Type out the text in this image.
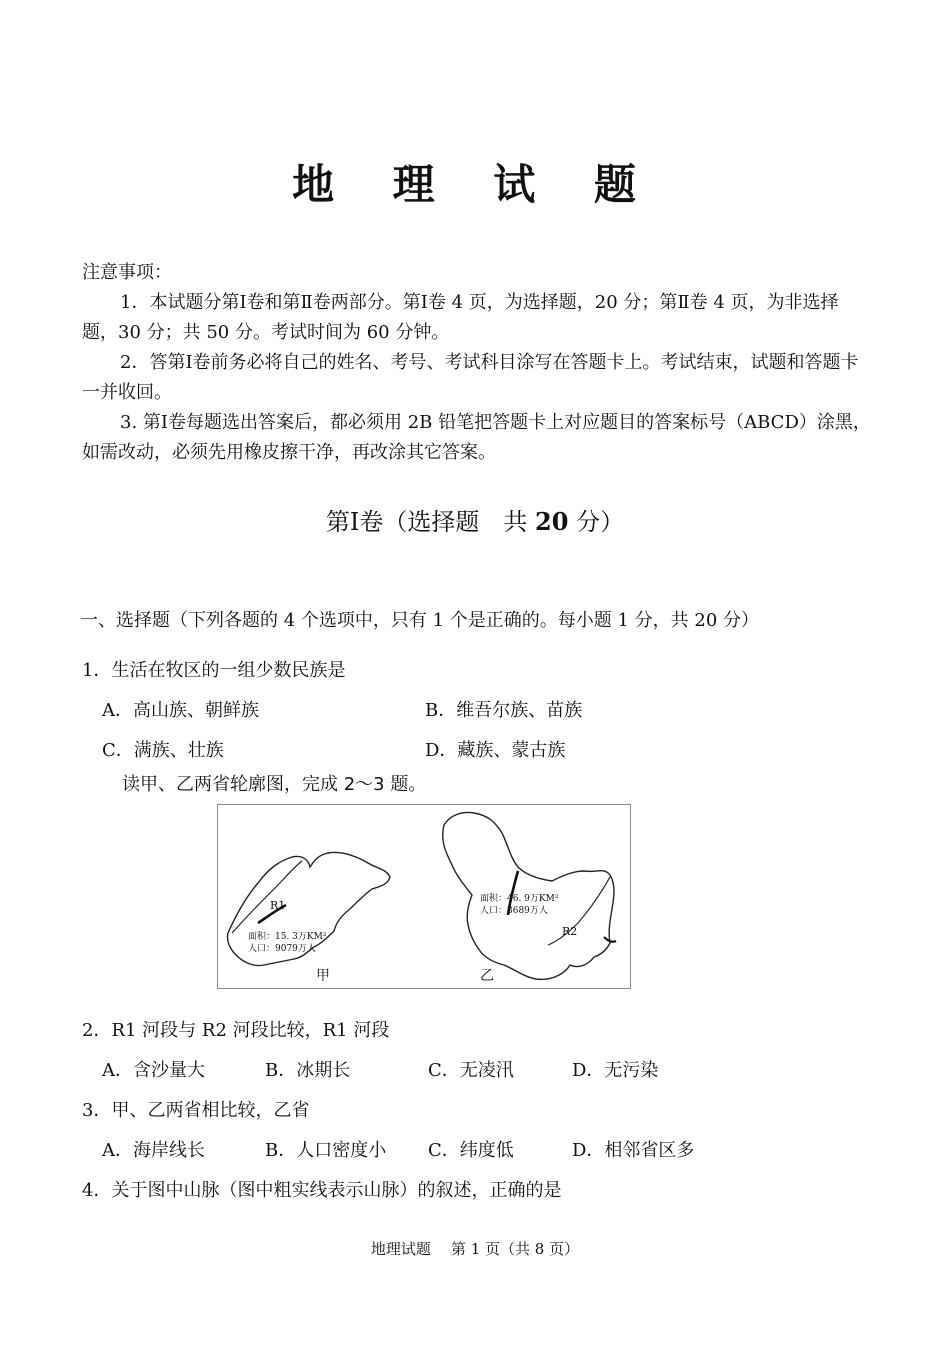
地 理 试 题
注意事项：
1．本试题分第Ⅰ卷和第Ⅱ卷两部分。第Ⅰ卷 4 页，为选择题，20 分；第Ⅱ卷 4 页，为非选择题，30 分；共 50 分。考试时间为 60 分钟。
2．答第Ⅰ卷前务必将自己的姓名、考号、考试科目涂写在答题卡上。考试结束，试题和答题卡一并收回。
3. 第Ⅰ卷每题选出答案后，都必须用 2B 铅笔把答题卡上对应题目的答案标号（ABCD）涂黑，如需改动，必须先用橡皮擦干净，再改涂其它答案。
第Ⅰ卷（选择题　共 20 分）
一、选择题（下列各题的 4 个选项中，只有 1 个是正确的。每小题 1 分，共 20 分）
1．生活在牧区的一组少数民族是
A．高山族、朝鲜族	B．维吾尔族、苗族
C．满族、壮族	D．藏族、蒙古族
读甲、乙两省轮廓图，完成 2～3 题。
R1
面积：15. 3万KM²
人口：9079万人
甲
面积：46. 9万KM²
人口：3689万人
R2
乙
2．R1 河段与 R2 河段比较，R1 河段
A．含沙量大	B．冰期长	C．无凌汛	D．无污染
3．甲、乙两省相比较，乙省
A．海岸线长	B．人口密度小 C．纬度低	D．相邻省区多
4．关于图中山脉（图中粗实线表示山脉）的叙述，正确的是
地理试题 第 1 页（共 8 页）
